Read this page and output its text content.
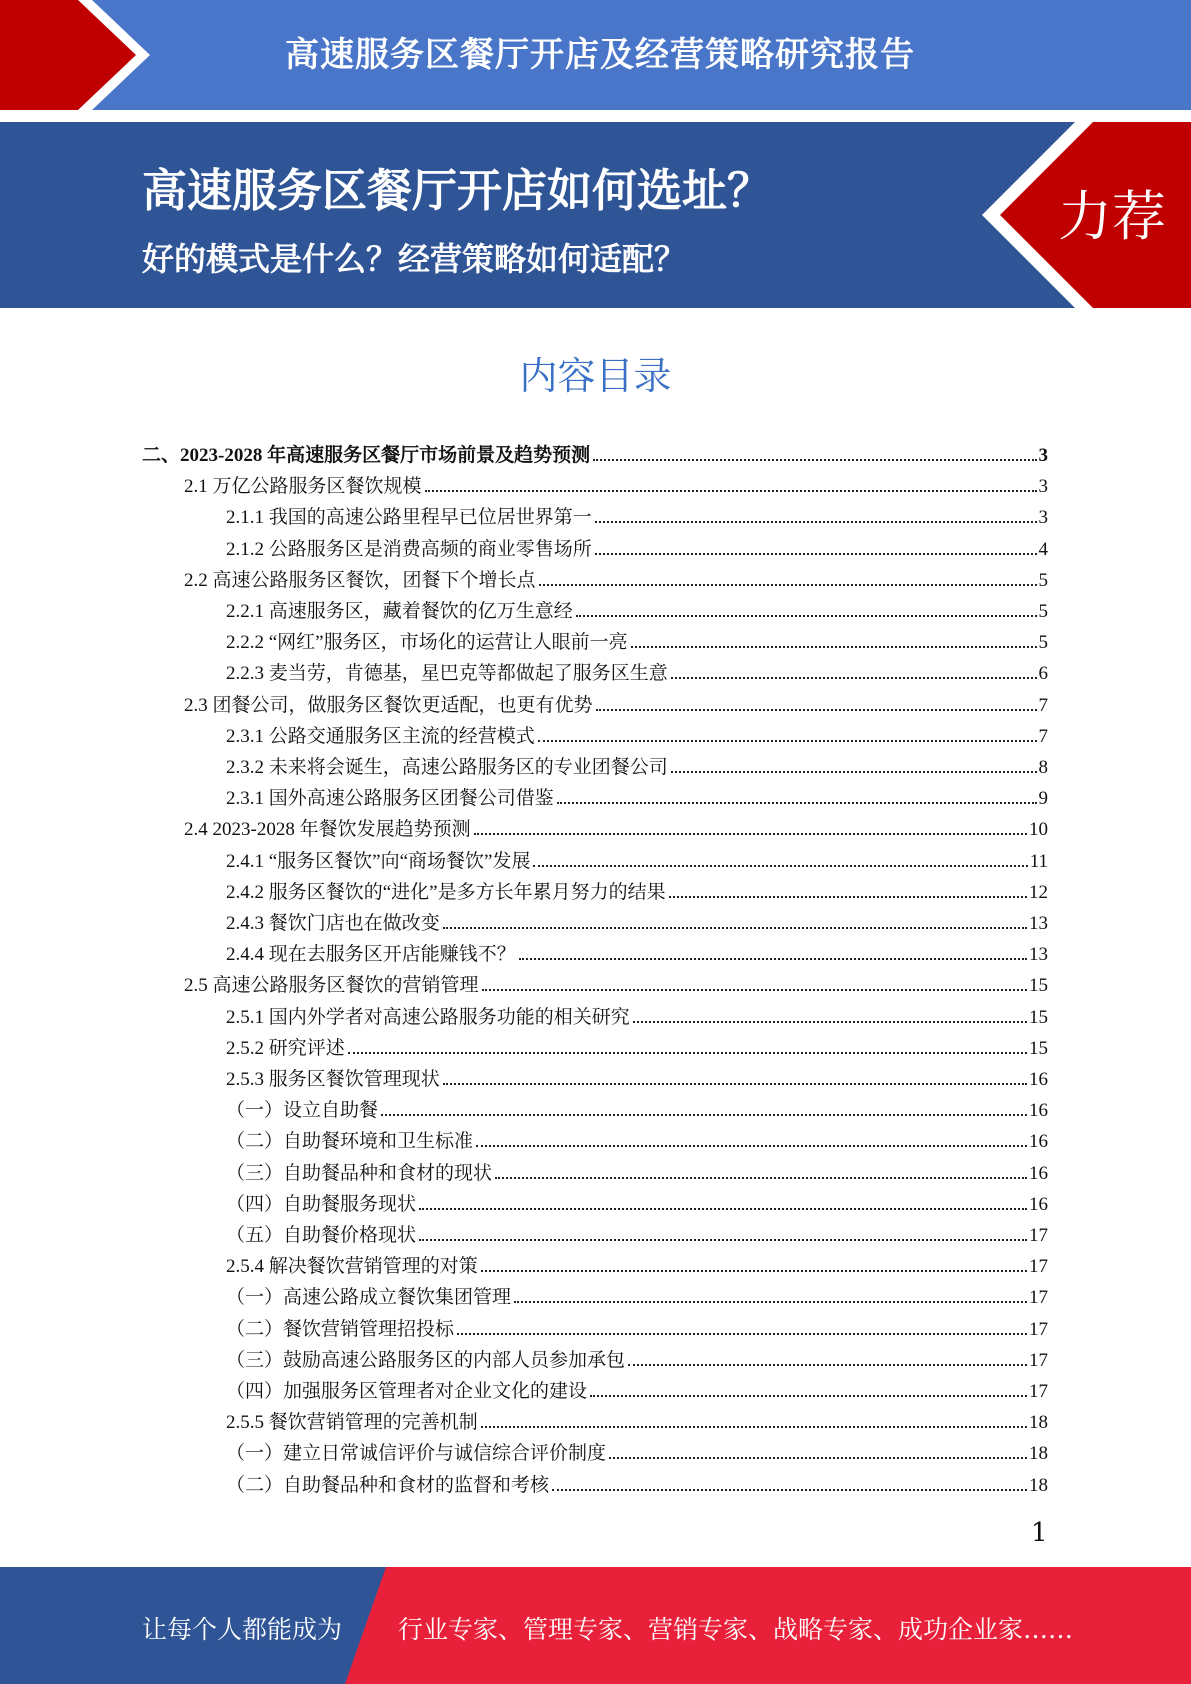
高速服务区餐厅开店及经营策略研究报告
高速服务区餐厅开店如何选址？
好的模式是什么？经营策略如何适配？
力荐
内容目录
二、2023-2028 年高速服务区餐厅市场前景及趋势预测	3
2.1 万亿公路服务区餐饮规模	3
2.1.1 我国的高速公路里程早已位居世界第一	3
2.1.2 公路服务区是消费高频的商业零售场所	4
2.2 高速公路服务区餐饮，团餐下个增长点	5
2.2.1 高速服务区，藏着餐饮的亿万生意经	5
2.2.2 “网红”服务区，市场化的运营让人眼前一亮	5
2.2.3 麦当劳，肯德基，星巴克等都做起了服务区生意	6
2.3 团餐公司，做服务区餐饮更适配，也更有优势	7
2.3.1 公路交通服务区主流的经营模式	7
2.3.2 未来将会诞生，高速公路服务区的专业团餐公司	8
2.3.1 国外高速公路服务区团餐公司借鉴	9
2.4 2023-2028 年餐饮发展趋势预测	10
2.4.1 “服务区餐饮”向“商场餐饮”发展	11
2.4.2 服务区餐饮的“进化”是多方长年累月努力的结果	12
2.4.3 餐饮门店也在做改变	13
2.4.4 现在去服务区开店能赚钱不？	13
2.5 高速公路服务区餐饮的营销管理	15
2.5.1 国内外学者对高速公路服务功能的相关研究	15
2.5.2 研究评述	15
2.5.3 服务区餐饮管理现状	16
（一）设立自助餐	16
（二）自助餐环境和卫生标准	16
（三）自助餐品种和食材的现状	16
（四）自助餐服务现状	16
（五）自助餐价格现状	17
2.5.4 解决餐饮营销管理的对策	17
（一）高速公路成立餐饮集团管理	17
（二）餐饮营销管理招投标	17
（三）鼓励高速公路服务区的内部人员参加承包	17
（四）加强服务区管理者对企业文化的建设	17
2.5.5 餐饮营销管理的完善机制	18
（一）建立日常诚信评价与诚信综合评价制度	18
（二）自助餐品种和食材的监督和考核	18
1
让每个人都能成为 行业专家、管理专家、营销专家、战略专家、成功企业家……
